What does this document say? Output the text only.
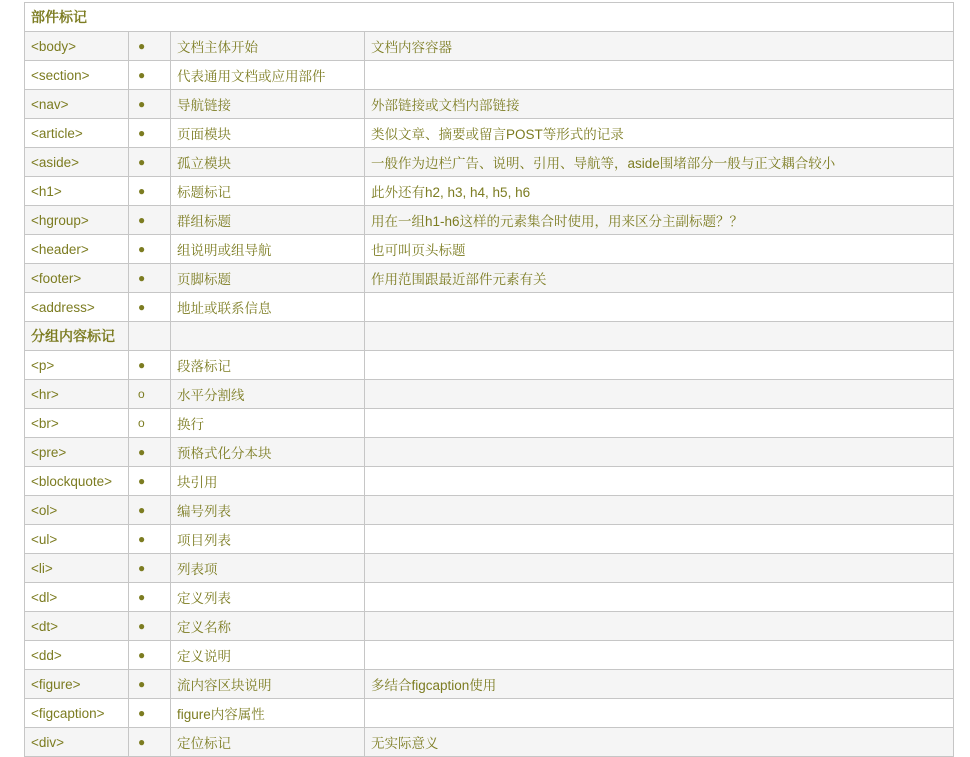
部件标记			
<body>	●	文档主体开始	文档内容容器
<section>	●	代表通用文档或应用部件	
<nav>	●	导航链接	外部链接或文档内部链接
<article>	●	页面模块	类似文章、摘要或留言POST等形式的记录
<aside>	●	孤立模块	一般作为边栏广告、说明、引用、导航等，aside围堵部分一般与正文耦合较小
<h1>	●	标题标记	此外还有h2, h3, h4, h5, h6
<hgroup>	●	群组标题	用在一组h1-h6这样的元素集合时使用，用来区分主副标题？？
<header>	●	组说明或组导航	也可叫页头标题
<footer>	●	页脚标题	作用范围跟最近部件元素有关
<address>	●	地址或联系信息	
分组内容标记			
<p>	●	段落标记	
<hr>	o	水平分割线	
<br>	o	换行	
<pre>	●	预格式化分本块	
<blockquote>	●	块引用	
<ol>	●	编号列表	
<ul>	●	项目列表	
<li>	●	列表项	
<dl>	●	定义列表	
<dt>	●	定义名称	
<dd>	●	定义说明	
<figure>	●	流内容区块说明	多结合figcaption使用
<figcaption>	●	figure内容属性	
<div>	●	定位标记	无实际意义
